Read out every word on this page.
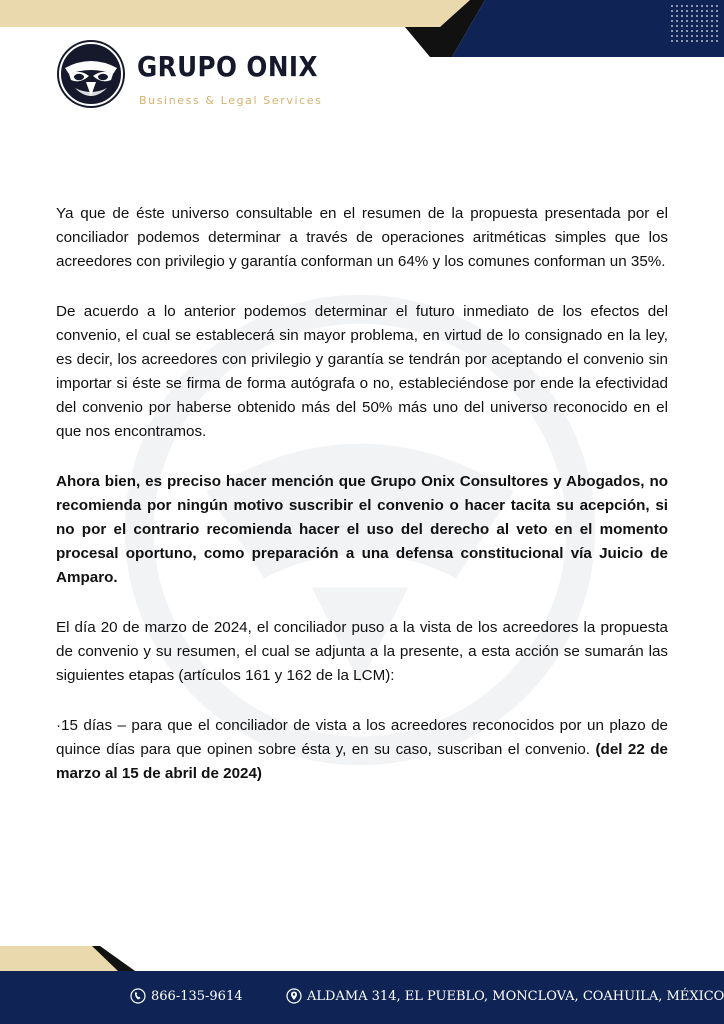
GRUPO ONIX
Business & Legal Services

Ya que de éste universo consultable en el resumen de la propuesta presentada por el conciliador podemos determinar a través de operaciones aritméticas simples que los acreedores con privilegio y garantía conforman un 64% y los comunes conforman un 35%.

De acuerdo a lo anterior podemos determinar el futuro inmediato de los efectos del convenio, el cual se establecerá sin mayor problema, en virtud de lo consignado en la ley, es decir, los acreedores con privilegio y garantía se tendrán por aceptando el convenio sin importar si éste se firma de forma autógrafa o no, estableciéndose por ende la efectividad del convenio por haberse obtenido más del 50% más uno del universo reconocido en el que nos encontramos.

Ahora bien, es preciso hacer mención que Grupo Onix Consultores y Abogados, no recomienda por ningún motivo suscribir el convenio o hacer tacita su acepción, si no por el contrario recomienda hacer el uso del derecho al veto en el momento procesal oportuno, como preparación a una defensa constitucional vía Juicio de Amparo.

El día 20 de marzo de 2024, el conciliador puso a la vista de los acreedores la propuesta de convenio y su resumen, el cual se adjunta a la presente, a esta acción se sumarán las siguientes etapas (artículos 161 y 162 de la LCM):

·15 días – para que el conciliador de vista a los acreedores reconocidos por un plazo de quince días para que opinen sobre ésta y, en su caso, suscriban el convenio. (del 22 de marzo al 15 de abril de 2024)

866-135-9614	ALDAMA 314, EL PUEBLO, MONCLOVA, COAHUILA, MÉXICO
